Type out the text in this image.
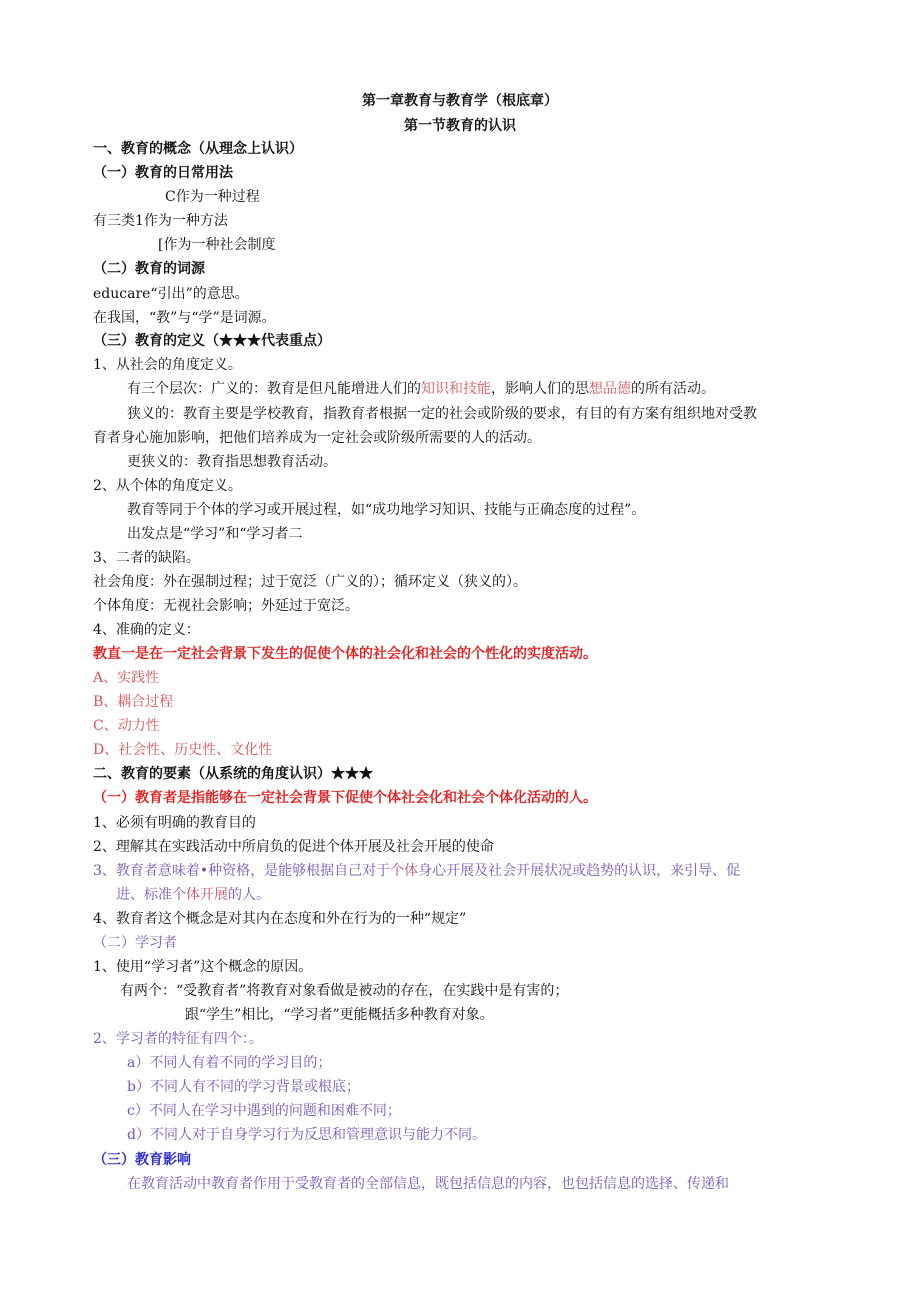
第一章教育与教育学（根底章）
第一节教育的认识
一、教育的概念（从理念上认识）
（一）教育的日常用法
C作为一种过程
有三类1作为一种方法
[作为一种社会制度
（二）教育的词源
educare“引出”的意思。
在我国，“教”与“学”是词源。
（三）教育的定义（★★★代表重点）
1、从社会的角度定义。
有三个层次：广义的：教育是但凡能增进人们的知识和技能，影响人们的思想品德的所有活动。
狭义的：教育主要是学校教育，指教育者根据一定的社会或阶级的要求，有目的有方案有组织地对受教
育者身心施加影响，把他们培养成为一定社会或阶级所需要的人的活动。
更狭义的：教育指思想教育活动。
2、从个体的角度定义。
教育等同于个体的学习或开展过程，如“成功地学习知识、技能与正确态度的过程”。
出发点是“学习”和“学习者二
3、二者的缺陷。
社会角度：外在强制过程；过于宽泛（广义的）；循环定义（狭义的）。
个体角度：无视社会影响；外延过于宽泛。
4、准确的定义：
教直一是在一定社会背景下发生的促使个体的社会化和社会的个性化的实度活动。
A、实践性
B、耦合过程
C、动力性
D、社会性、历史性、文化性
二、教育的要素（从系统的角度认识）★★★
（一）教育者是指能够在一定社会背景下促使个体社会化和社会个体化活动的人。
1、必须有明确的教育目的
2、理解其在实践活动中所肩负的促进个体开展及社会开展的使命
3、教育者意味着•种资格，是能够根据自己对于个体身心开展及社会开展状况或趋势的认识，来引导、促
进、标准个体开展的人。
4、教育者这个概念是对其内在态度和外在行为的一种“规定”
（二）学习者
1、使用“学习者”这个概念的原因。
有两个：“受教育者”将教育对象看做是被动的存在，在实践中是有害的；
跟“学生”相比，“学习者”更能概括多种教育对象。
2、学习者的特征有四个：。
a）不同人有着不同的学习目的；
b）不同人有不同的学习背景或根底；
c）不同人在学习中遇到的问题和困难不同；
d）不同人对于自身学习行为反思和管理意识与能力不同。
（三）教育影响
在教育活动中教育者作用于受教育者的全部信息，既包括信息的内容，也包括信息的选择、传递和
